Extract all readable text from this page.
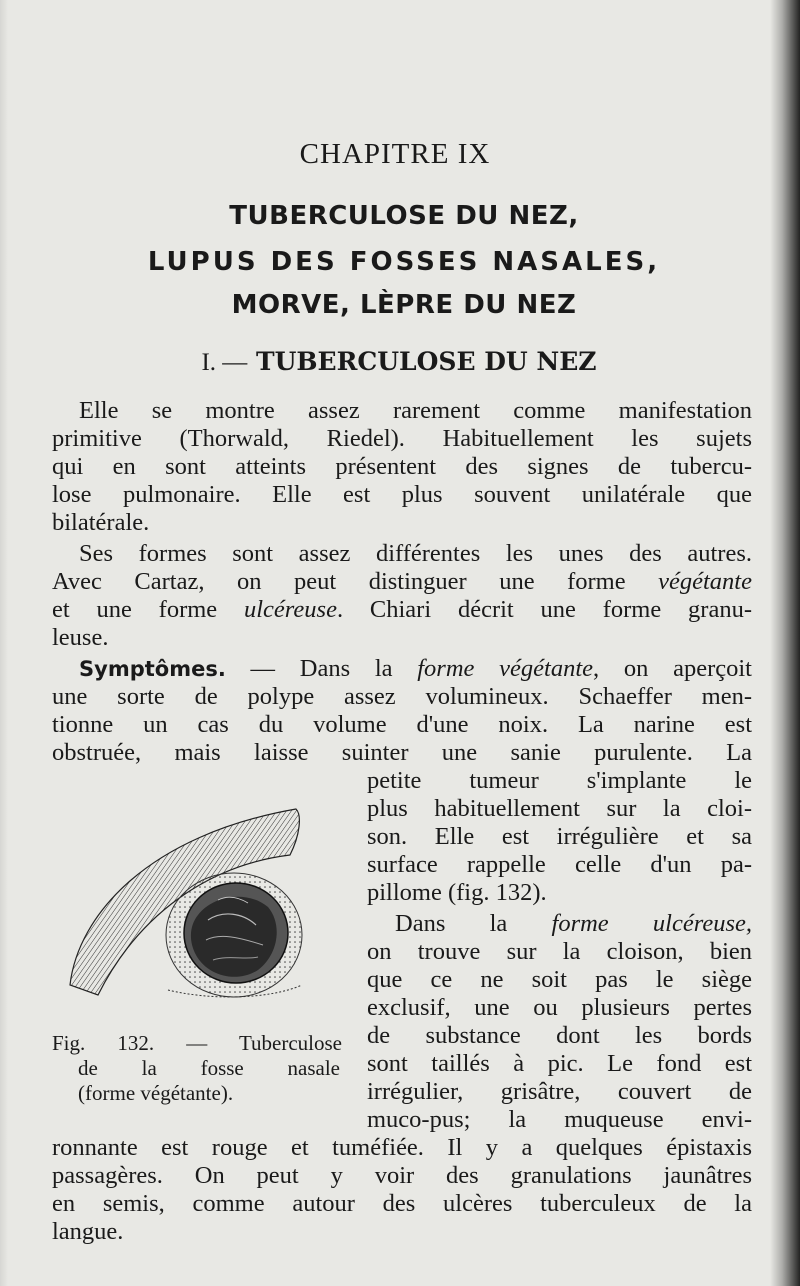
CHAPITRE IX
TUBERCULOSE DU NEZ,
LUPUS DES FOSSES NASALES,
MORVE, LÈPRE DU NEZ
I. — TUBERCULOSE DU NEZ
Elle se montre assez rarement comme manifestation
primitive (Thorwald, Riedel). Habituellement les sujets
qui en sont atteints présentent des signes de tubercu-
lose pulmonaire. Elle est plus souvent unilatérale que
bilatérale.
Ses formes sont assez différentes les unes des autres.
Avec Cartaz, on peut distinguer une forme végétante
et une forme ulcéreuse. Chiari décrit une forme granu-
leuse.
Symptômes. — Dans la forme végétante, on aperçoit
une sorte de polype assez volumineux. Schaeffer men-
tionne un cas du volume d'une noix. La narine est
obstruée, mais laisse suinter une sanie purulente. La
petite tumeur s'implante le
plus habituellement sur la cloi-
son. Elle est irrégulière et sa
surface rappelle celle d'un pa-
pillome (fig. 132).
Dans la forme ulcéreuse,
on trouve sur la cloison, bien
que ce ne soit pas le siège
exclusif, une ou plusieurs pertes
de substance dont les bords
sont taillés à pic. Le fond est
irrégulier, grisâtre, couvert de
muco-pus; la muqueuse envi-
ronnante est rouge et tuméfiée. Il y a quelques épistaxis
passagères. On peut y voir des granulations jaunâtres
en semis, comme autour des ulcères tuberculeux de la
langue.
Fig. 132. — Tuberculose
de la fosse nasale
(forme végétante).
